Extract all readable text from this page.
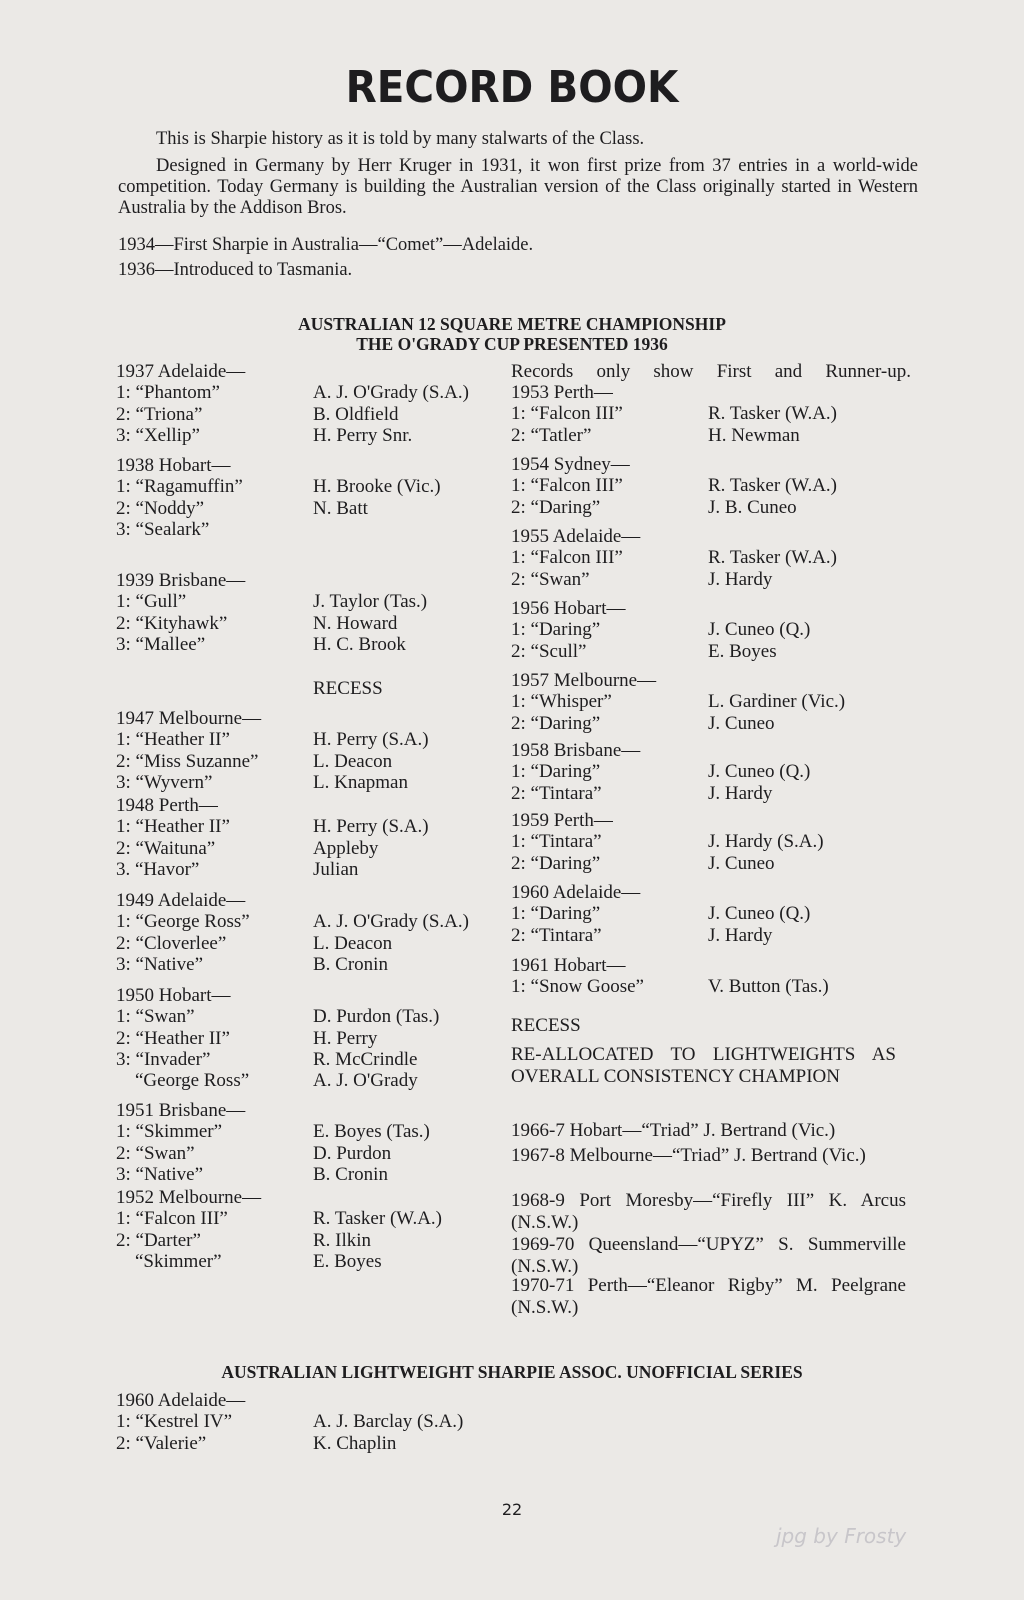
RECORD BOOK
This is Sharpie history as it is told by many stalwarts of the Class.
Designed in Germany by Herr Kruger in 1931, it won first prize from 37 entries in a world-wide competition. Today Germany is building the Australian version of the Class originally started in Western Australia by the Addison Bros.
1934—First Sharpie in Australia—“Comet”—Adelaide.
1936—Introduced to Tasmania.
AUSTRALIAN 12 SQUARE METRE CHAMPIONSHIP
THE O'GRADY CUP PRESENTED 1936
1937 Adelaide—
1: “Phantom”	A. J. O'Grady (S.A.)
2: “Triona”	B. Oldfield
3: “Xellip”	H. Perry Snr.
1938 Hobart—
1: “Ragamuffin”	H. Brooke (Vic.)
2: “Noddy”	N. Batt
3: “Sealark”
1939 Brisbane—
1: “Gull”	J. Taylor (Tas.)
2: “Kityhawk”	N. Howard
3: “Mallee”	H. C. Brook
1947 Melbourne—
1: “Heather II”	H. Perry (S.A.)
2: “Miss Suzanne”	L. Deacon
3: “Wyvern”	L. Knapman
1948 Perth—
1: “Heather II”	H. Perry (S.A.)
2: “Waituna”	Appleby
3. “Havor”	Julian
1949 Adelaide—
1: “George Ross”	A. J. O'Grady (S.A.)
2: “Cloverlee”	L. Deacon
3: “Native”	B. Cronin
1950 Hobart—
1: “Swan”	D. Purdon (Tas.)
2: “Heather II”	H. Perry
3: “Invader”	R. McCrindle
“George Ross”	A. J. O'Grady
1951 Brisbane—
1: “Skimmer”	E. Boyes (Tas.)
2: “Swan”	D. Purdon
3: “Native”	B. Cronin
1952 Melbourne—
1: “Falcon III”	R. Tasker (W.A.)
2: “Darter”	R. Ilkin
“Skimmer”	E. Boyes
RECESS
Records only show First and Runner-up.
1953 Perth—
1: “Falcon III”	R. Tasker (W.A.)
2: “Tatler”	H. Newman
1954 Sydney—
1: “Falcon III”	R. Tasker (W.A.)
2: “Daring”	J. B. Cuneo
1955 Adelaide—
1: “Falcon III”	R. Tasker (W.A.)
2: “Swan”	J. Hardy
1956 Hobart—
1: “Daring”	J. Cuneo (Q.)
2: “Scull”	E. Boyes
1957 Melbourne—
1: “Whisper”	L. Gardiner (Vic.)
2: “Daring”	J. Cuneo
1958 Brisbane—
1: “Daring”	J. Cuneo (Q.)
2: “Tintara”	J. Hardy
1959 Perth—
1: “Tintara”	J. Hardy (S.A.)
2: “Daring”	J. Cuneo
1960 Adelaide—
1: “Daring”	J. Cuneo (Q.)
2: “Tintara”	J. Hardy
1961 Hobart—
1: “Snow Goose”	V. Button (Tas.)
RECESS
RE-ALLOCATED TO LIGHTWEIGHTS AS OVERALL CONSISTENCY CHAMPION
1966-7 Hobart—“Triad” J. Bertrand (Vic.)
1967-8 Melbourne—“Triad” J. Bertrand (Vic.)
1968-9 Port Moresby—“Firefly III” K. Arcus (N.S.W.)
1969-70 Queensland—“UPYZ” S. Summerville (N.S.W.)
1970-71 Perth—“Eleanor Rigby” M. Peelgrane (N.S.W.)
AUSTRALIAN LIGHTWEIGHT SHARPIE ASSOC. UNOFFICIAL SERIES
1960 Adelaide—
1: “Kestrel IV”	A. J. Barclay (S.A.)
2: “Valerie”	K. Chaplin
22
jpg by Frosty
